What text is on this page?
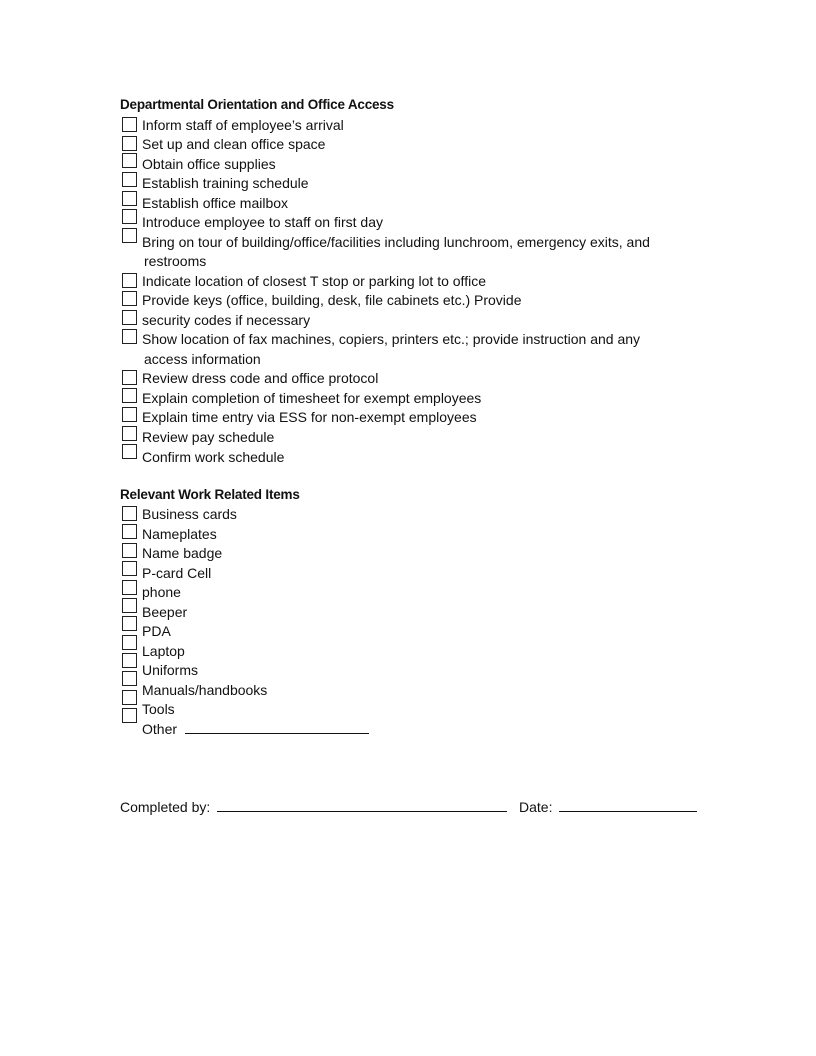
Departmental Orientation and Office Access
Inform staff of employee’s arrival
Set up and clean office space
Obtain office supplies
Establish training schedule
Establish office mailbox
Introduce employee to staff on first day
Bring on tour of building/office/facilities including lunchroom, emergency exits, and
restrooms
Indicate location of closest T stop or parking lot to office
Provide keys (office, building, desk, file cabinets etc.) Provide
security codes if necessary
Show location of fax machines, copiers, printers etc.; provide instruction and any
access information
Review dress code and office protocol
Explain completion of timesheet for exempt employees
Explain time entry via ESS for non-exempt employees
Review pay schedule
Confirm work schedule
Relevant Work Related Items
Business cards
Nameplates
Name badge
P-card Cell
phone
Beeper
PDA
Laptop
Uniforms
Manuals/handbooks
Tools
Other
Completed by:	Date:
